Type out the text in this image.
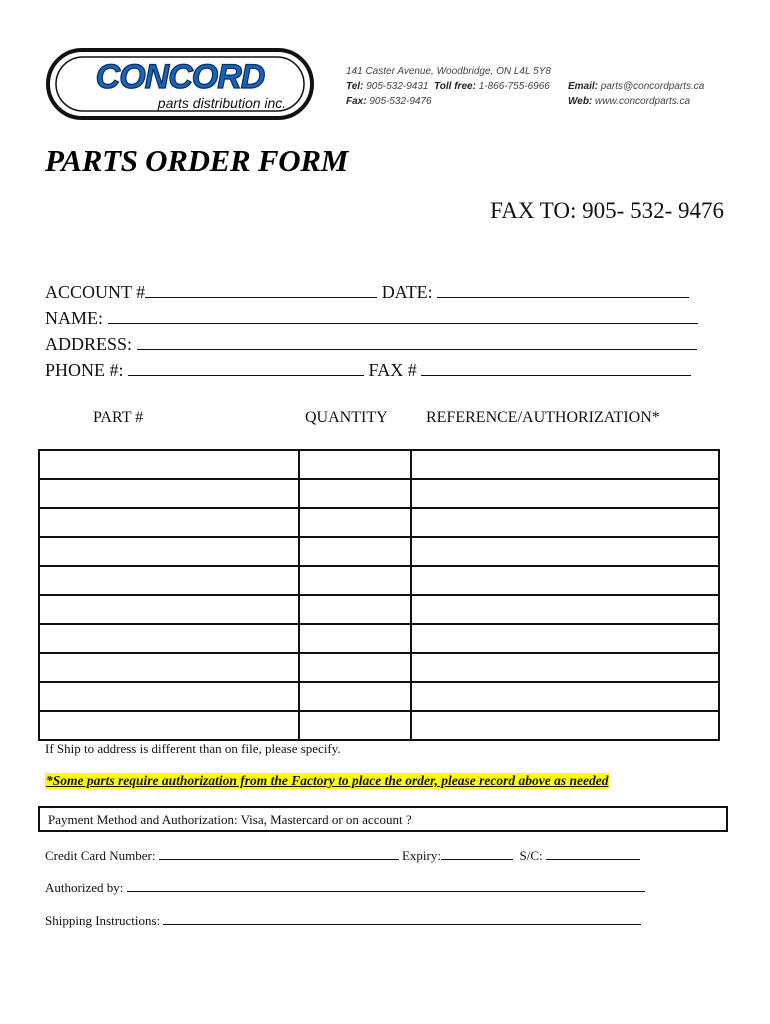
CONCORD
parts distribution inc.
141 Caster Avenue, Woodbridge, ON L4L 5Y8
Tel: 905-532-9431 Toll free: 1-866-755-6966
Fax: 905-532-9476
Email: parts@concordparts.ca
Web: www.concordparts.ca
PARTS ORDER FORM
FAX TO: 905- 532- 9476
ACCOUNT #	DATE:
NAME:
ADDRESS:
PHONE #:	FAX #
PART #	QUANTITY REFERENCE/AUTHORIZATION*

If Ship to address is different than on file, please specify.
*Some parts require authorization from the Factory to place the order, please record above as needed
Payment Method and Authorization: Visa, Mastercard or on account ?
Credit Card Number:	Expiry:	S/C:
Authorized by:
Shipping Instructions:
